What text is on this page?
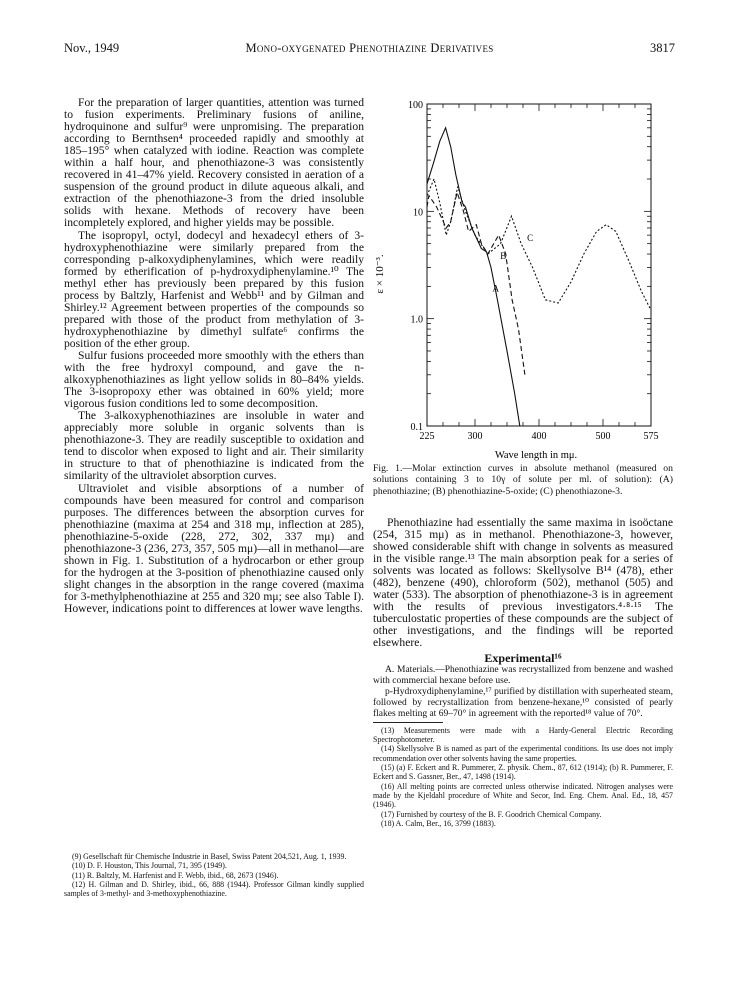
Nov., 1949	Mono-oxygenated Phenothiazine Derivatives	3817

For the preparation of larger quantities, attention was turned to fusion experiments. Preliminary fusions of aniline, hydroquinone and sulfur⁹ were unpromising. The preparation according to Bernthsen⁴ proceeded rapidly and smoothly at 185–195° when catalyzed with iodine. Reaction was complete within a half hour, and phenothiazone-3 was consistently recovered in 41–47% yield. Recovery consisted in aeration of a suspension of the ground product in dilute aqueous alkali, and extraction of the phenothiazone-3 from the dried insoluble solids with hexane. Methods of recovery have been incompletely explored, and higher yields may be possible.

The isopropyl, octyl, dodecyl and hexadecyl ethers of 3-hydroxyphenothiazine were similarly prepared from the corresponding p-alkoxydiphenylamines, which were readily formed by etherification of p-hydroxydiphenylamine.¹⁰ The methyl ether has previously been prepared by this fusion process by Baltzly, Harfenist and Webb¹¹ and by Gilman and Shirley.¹² Agreement between properties of the compounds so prepared with those of the product from methylation of 3-hydroxyphenothiazine by dimethyl sulfate⁶ confirms the position of the ether group.

Sulfur fusions proceeded more smoothly with the ethers than with the free hydroxyl compound, and gave the n-alkoxyphenothiazines as light yellow solids in 80–84% yields. The 3-isopropoxy ether was obtained in 60% yield; more vigorous fusion conditions led to some decomposition.

The 3-alkoxyphenothiazines are insoluble in water and appreciably more soluble in organic solvents than is phenothiazone-3. They are readily susceptible to oxidation and tend to discolor when exposed to light and air. Their similarity in structure to that of phenothiazine is indicated from the similarity of the ultraviolet absorption curves.

Ultraviolet and visible absorptions of a number of compounds have been measured for control and comparison purposes. The differences between the absorption curves for phenothiazine (maxima at 254 and 318 mμ, inflection at 285), phenothiazine-5-oxide (228, 272, 302, 337 mμ) and phenothiazone-3 (236, 273, 357, 505 mμ)—all in methanol—are shown in Fig. 1. Substitution of a hydrocarbon or ether group for the hydrogen at the 3-position of phenothiazine caused only slight changes in the absorption in the range covered (maxima for 3-methylphenothiazine at 255 and 320 mμ; see also Table I). However, indications point to differences at lower wave lengths.

(9) Gesellschaft für Chemische Industrie in Basel, Swiss Patent 204,521, Aug. 1, 1939.
(10) D. F. Houston, This Journal, 71, 395 (1949).
(11) R. Baltzly, M. Harfenist and F. Webb, ibid., 68, 2673 (1946).
(12) H. Gilman and D. Shirley, ibid., 66, 888 (1944). Professor Gilman kindly supplied samples of 3-methyl- and 3-methoxyphenothiazine.
100
10
1.0
0.1
225	300	400	500	575
A
B
C
ε × 10⁻³.
Wave length in mμ.
Fig. 1.—Molar extinction curves in absolute methanol (measured on solutions containing 3 to 10γ of solute per ml. of solution): (A) phenothiazine; (B) phenothiazine-5-oxide; (C) phenothiazone-3.

Phenothiazine had essentially the same maxima in isoöctane (254, 315 mμ) as in methanol. Phenothiazone-3, however, showed considerable shift with change in solvents as measured in the visible range.¹³ The main absorption peak for a series of solvents was located as follows: Skellysolve B¹⁴ (478), ether (482), benzene (490), chloroform (502), methanol (505) and water (533). The absorption of phenothiazone-3 is in agreement with the results of previous investigators.⁴·⁸·¹⁵ The tuberculostatic properties of these compounds are the subject of other investigations, and the findings will be reported elsewhere.

Experimental¹⁶

A. Materials.—Phenothiazine was recrystallized from benzene and washed with commercial hexane before use.

p-Hydroxydiphenylamine,¹⁷ purified by distillation with superheated steam, followed by recrystallization from benzene-hexane,¹⁰ consisted of pearly flakes melting at 69–70° in agreement with the reported¹⁸ value of 70°.

(13) Measurements were made with a Hardy-General Electric Recording Spectrophotometer.
(14) Skellysolve B is named as part of the experimental conditions. Its use does not imply recommendation over other solvents having the same properties.
(15) (a) F. Eckert and R. Pummerer, Z. physik. Chem., 87, 612 (1914); (b) R. Pummerer, F. Eckert and S. Gassner, Ber., 47, 1498 (1914).
(16) All melting points are corrected unless otherwise indicated. Nitrogen analyses were made by the Kjeldahl procedure of White and Secor, Ind. Eng. Chem. Anal. Ed., 18, 457 (1946).
(17) Furnished by courtesy of the B. F. Goodrich Chemical Company.
(18) A. Calm, Ber., 16, 3799 (1883).
